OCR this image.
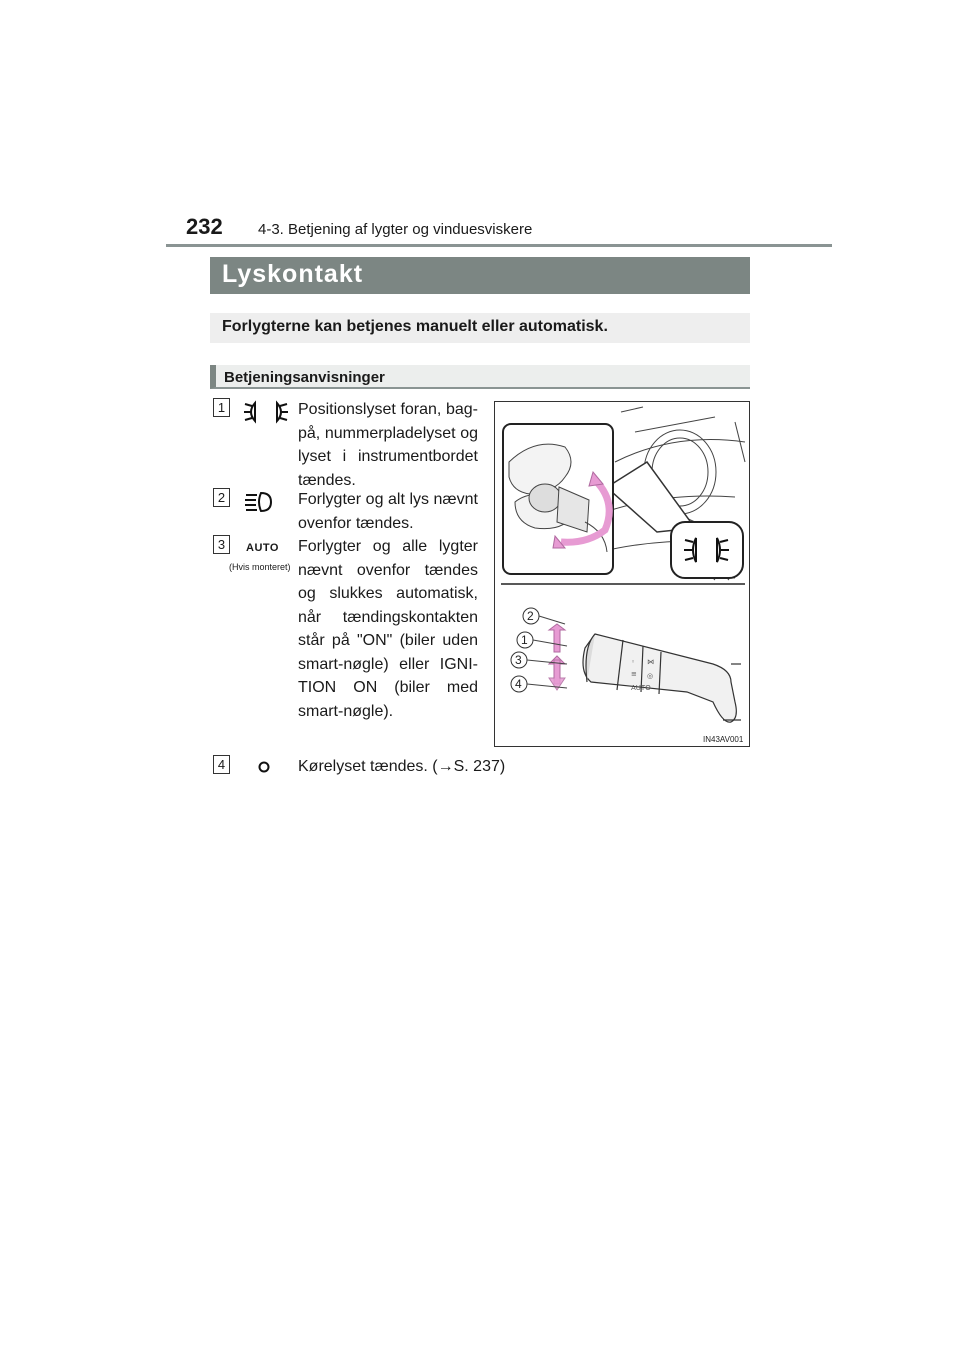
232 4-3. Betjening af lygter og vinduesviskere
Lyskontakt
Forlygterne kan betjenes manuelt eller automatisk.
Betjeningsanvisninger
1	Positionslyset foran, bag-på, nummerpladelyset og lyset i instrumentbordet tændes.
2	Forlygter og alt lys nævnt ovenfor tændes.
3	AUTO
(Hvis monteret)
Forlygter og alle lygter nævnt ovenfor tændes og slukkes automatisk, når tændingskontakten står på "ON" (biler uden smart-nøgle) eller IGNI-TION ON (biler med smart-nøgle).
4	Kørelyset tændes. (→S. 237)
◦
≡
AUTO
⋈
◎
2
1
3
4
IN43AV001
